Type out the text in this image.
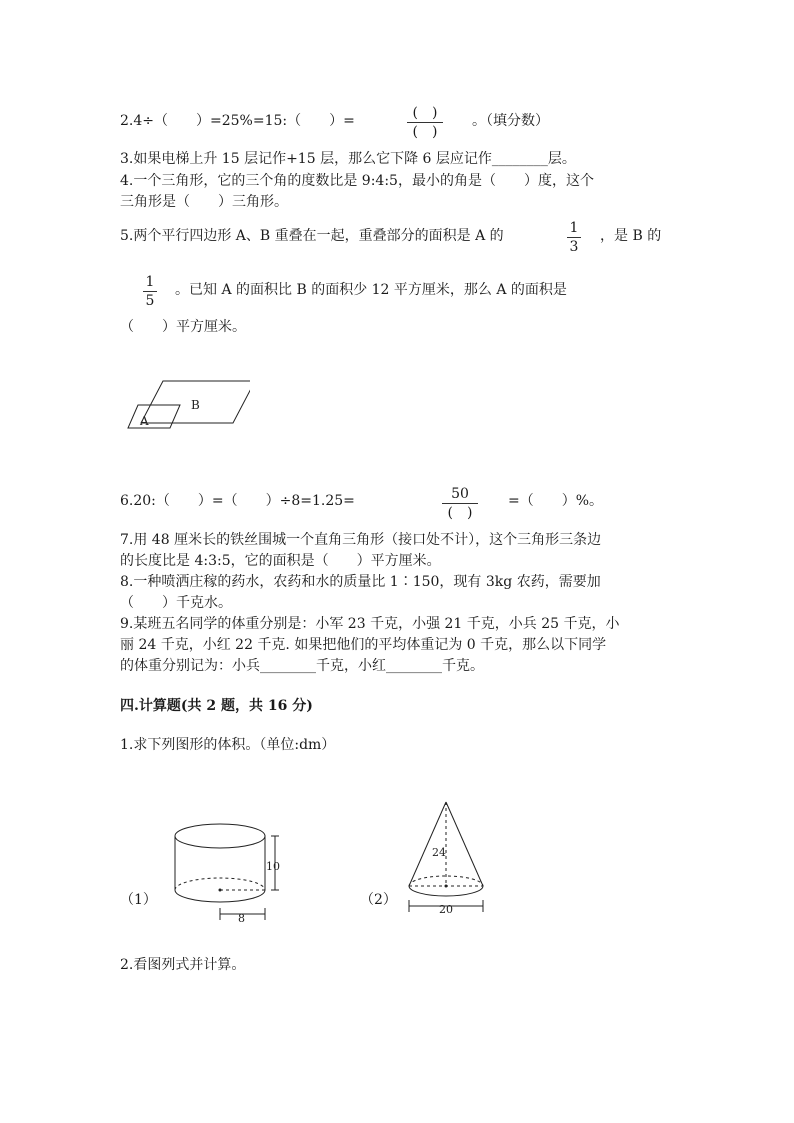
2.4÷（　　）=25%=15:（　　）=	(　)
(　)
。（填分数）
3.如果电梯上升 15 层记作+15 层，那么它下降 6 层应记作________层。
4.一个三角形，它的三个角的度数比是 9:4:5，最小的角是（　　）度，这个
三角形是（　　）三角形。
5.两个平行四边形 A、B 重叠在一起，重叠部分的面积是 A 的	1
3
，是 B 的
1
5
。已知 A 的面积比 B 的面积少 12 平方厘米，那么 A 的面积是
（　　）平方厘米。
B
A
6.20:（　　）=（　　）÷8=1.25=	50
(　)
=（　　）%。
7.用 48 厘米长的铁丝围城一个直角三角形（接口处不计），这个三角形三条边
的长度比是 4:3:5，它的面积是（　　）平方厘米。
8.一种喷洒庄稼的药水，农药和水的质量比 1∶150，现有 3kg 农药，需要加
（　　）千克水。
9.某班五名同学的体重分别是：小军 23 千克，小强 21 千克，小兵 25 千克，小
丽 24 千克，小红 22 千克. 如果把他们的平均体重记为 0 千克，那么以下同学
的体重分别记为：小兵________千克，小红________千克。
四.计算题(共 2 题，共 16 分)
1.求下列图形的体积。（单位:dm）
（1）
10
8
（2）
24
20
2.看图列式并计算。
